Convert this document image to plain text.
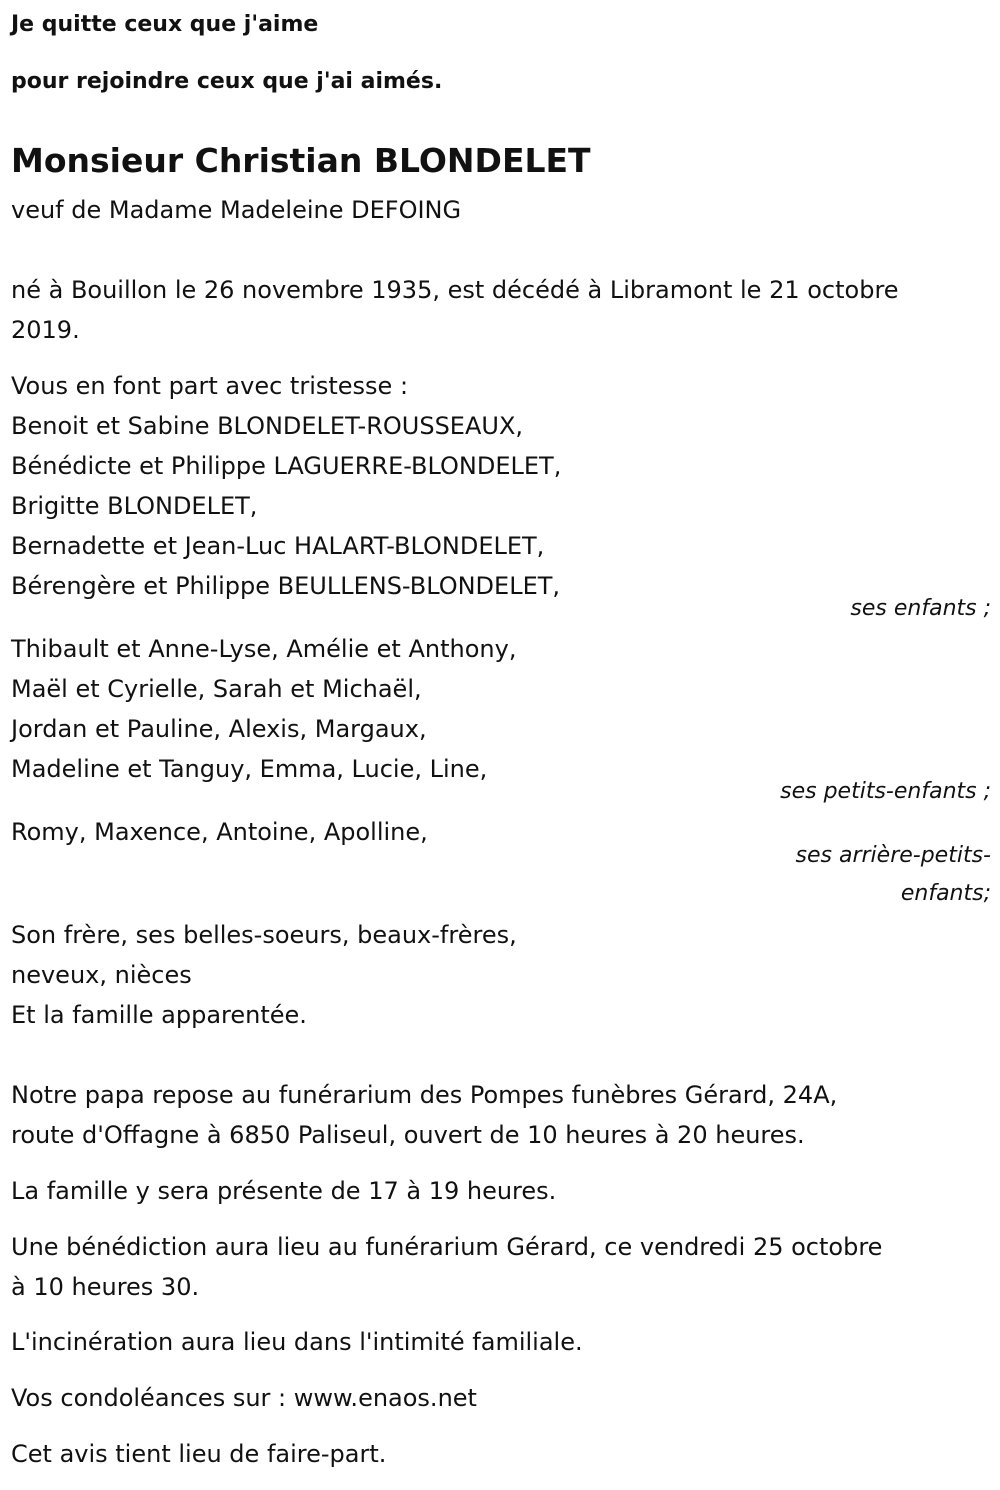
Je quitte ceux que j'aime
pour rejoindre ceux que j'ai aimés.
Monsieur Christian BLONDELET
veuf de Madame Madeleine DEFOING
né à Bouillon le 26 novembre 1935, est décédé à Libramont le 21 octobre
2019.
Vous en font part avec tristesse :
Benoit et Sabine BLONDELET-ROUSSEAUX,
Bénédicte et Philippe LAGUERRE-BLONDELET,
Brigitte BLONDELET,
Bernadette et Jean-Luc HALART-BLONDELET,
Bérengère et Philippe BEULLENS-BLONDELET,
ses enfants ;
Thibault et Anne-Lyse, Amélie et Anthony,
Maël et Cyrielle, Sarah et Michaël,
Jordan et Pauline, Alexis, Margaux,
Madeline et Tanguy, Emma, Lucie, Line,
ses petits-enfants ;
Romy, Maxence, Antoine, Apolline,
ses arrière-petits-
enfants;
Son frère, ses belles-soeurs, beaux-frères,
neveux, nièces
Et la famille apparentée.
Notre papa repose au funérarium des Pompes funèbres Gérard, 24A,
route d'Offagne à 6850 Paliseul, ouvert de 10 heures à 20 heures.
La famille y sera présente de 17 à 19 heures.
Une bénédiction aura lieu au funérarium Gérard, ce vendredi 25 octobre
à 10 heures 30.
L'incinération aura lieu dans l'intimité familiale.
Vos condoléances sur : www.enaos.net
Cet avis tient lieu de faire-part.
